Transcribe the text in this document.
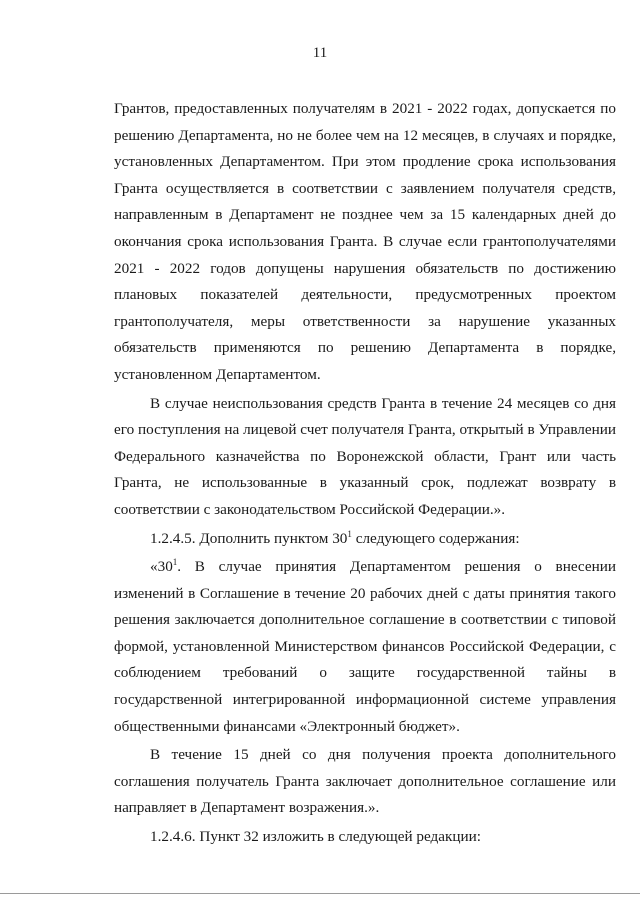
11

Грантов, предоставленных получателям в 2021 - 2022 годах, допускается по решению Департамента, но не более чем на 12 месяцев, в случаях и порядке, установленных Департаментом. При этом продление срока использования Гранта осуществляется в соответствии с заявлением получателя средств, направленным в Департамент не позднее чем за 15 календарных дней до окончания срока использования Гранта. В случае если грантополучателями 2021 - 2022 годов допущены нарушения обязательств по достижению плановых показателей деятельности, предусмотренных проектом грантополучателя, меры ответственности за нарушение указанных обязательств применяются по решению Департамента в порядке, установленном Департаментом.

В случае неиспользования средств Гранта в течение 24 месяцев со дня его поступления на лицевой счет получателя Гранта, открытый в Управлении Федерального казначейства по Воронежской области, Грант или часть Гранта, не использованные в указанный срок, подлежат возврату в соответствии с законодательством Российской Федерации.».

1.2.4.5. Дополнить пунктом $30^1$ следующего содержания:

«$30^1$. В случае принятия Департаментом решения о внесении изменений в Соглашение в течение 20 рабочих дней с даты принятия такого решения заключается дополнительное соглашение в соответствии с типовой формой, установленной Министерством финансов Российской Федерации, с соблюдением требований о защите государственной тайны в государственной интегрированной информационной системе управления общественными финансами «Электронный бюджет».

В течение 15 дней со дня получения проекта дополнительного соглашения получатель Гранта заключает дополнительное соглашение или направляет в Департамент возражения.».

1.2.4.6. Пункт 32 изложить в следующей редакции:
